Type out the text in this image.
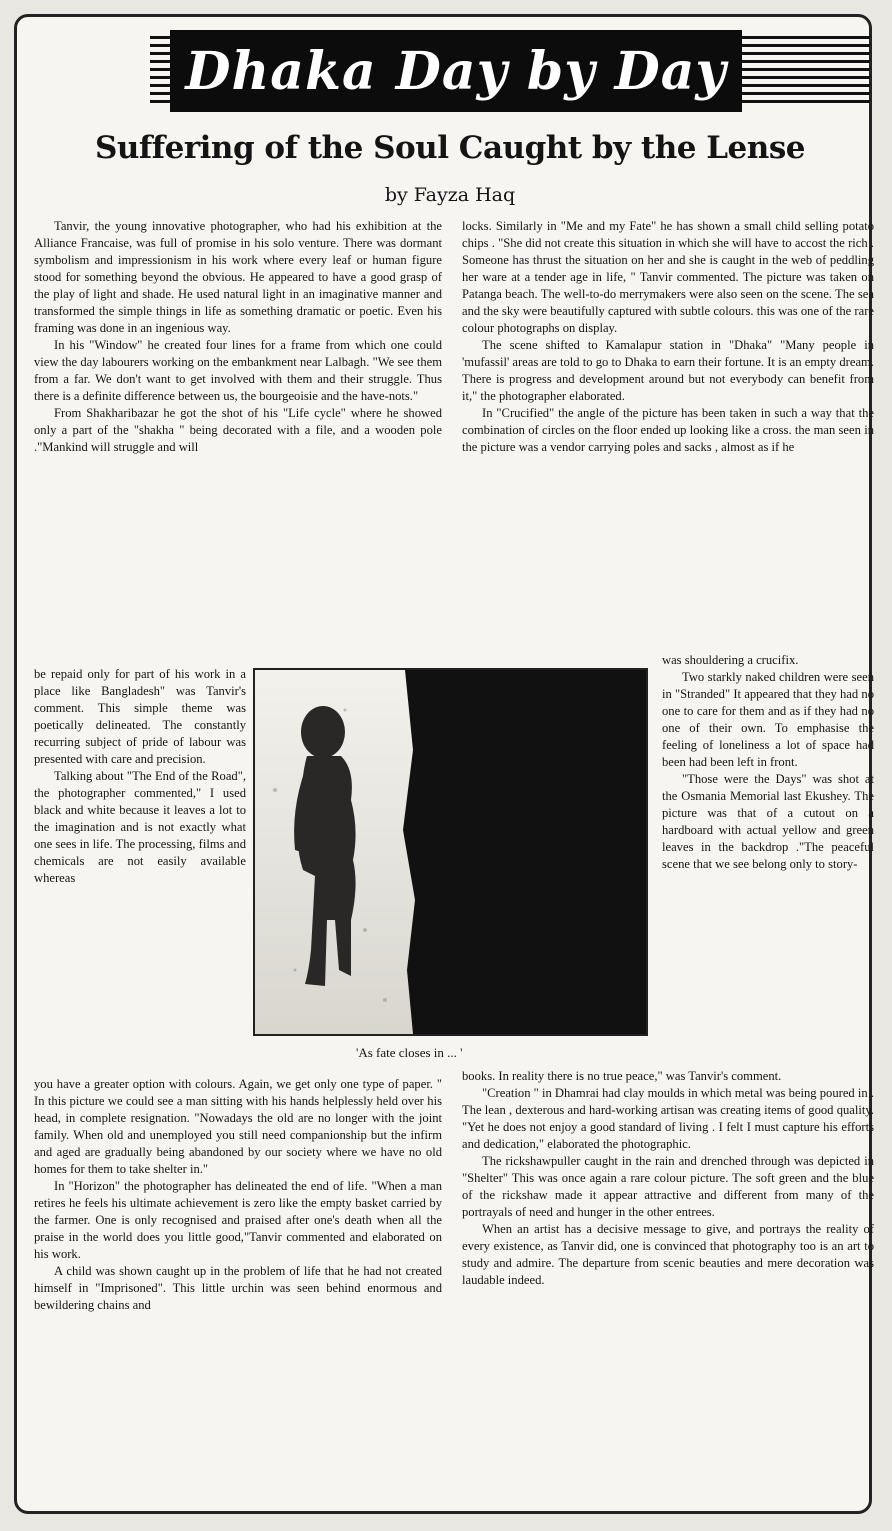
Dhaka Day by Day
Suffering of the Soul Caught by the Lense
by Fayza Haq

Tanvir, the young innovative photographer, who had his exhibition at the Alliance Francaise, was full of promise in his solo venture. There was dormant symbolism and impressionism in his work where every leaf or human figure stood for something beyond the obvious. He appeared to have a good grasp of the play of light and shade. He used natural light in an imaginative manner and transformed the simple things in life as something dramatic or poetic. Even his framing was done in an ingenious way.

In his "Window" he created four lines for a frame from which one could view the day labourers working on the embankment near Lalbagh. "We see them from a far. We don't want to get involved with them and their struggle. Thus there is a definite difference between us, the bourgeoisie and the have-nots."

From Shakharibazar he got the shot of his "Life cycle" where he showed only a part of the "shakha " being decorated with a file, and a wooden pole ."Mankind will struggle and will

be repaid only for part of his work in a place like Bangladesh" was Tanvir's comment. This simple theme was poetically delineated. The constantly recurring subject of pride of labour was presented with care and precision.

Talking about "The End of the Road", the photographer commented," I used black and white because it leaves a lot to the imagination and is not exactly what one sees in life. The processing, films and chemicals are not easily available whereas

you have a greater option with colours. Again, we get only one type of paper. " In this picture we could see a man sitting with his hands helplessly held over his head, in complete resignation. "Nowadays the old are no longer with the joint family. When old and unemployed you still need companionship but the infirm and aged are gradually being abandoned by our society where we have no old homes for them to take shelter in."

In "Horizon" the photographer has delineated the end of life. "When a man retires he feels his ultimate achievement is zero like the empty basket carried by the farmer. One is only recognised and praised after one's death when all the praise in the world does you little good,"Tanvir commented and elaborated on his work.

A child was shown caught up in the problem of life that he had not created himself in "Imprisoned". This little urchin was seen behind enormous and bewildering chains and

locks. Similarly in "Me and my Fate" he has shown a small child selling potato chips . "She did not create this situation in which she will have to accost the rich . Someone has thrust the situation on her and she is caught in the web of peddling her ware at a tender age in life, " Tanvir commented. The picture was taken on Patanga beach. The well-to-do merrymakers were also seen on the scene. The sea and the sky were beautifully captured with subtle colours. this was one of the rare colour photographs on display.

The scene shifted to Kamalapur station in "Dhaka" "Many people in 'mufassil' areas are told to go to Dhaka to earn their fortune. It is an empty dream. There is progress and development around but not everybody can benefit from it," the photographer elaborated.

In "Crucified" the angle of the picture has been taken in such a way that the combination of circles on the floor ended up looking like a cross. the man seen in the picture was a vendor carrying poles and sacks , almost as if he

was shouldering a crucifix.

Two starkly naked children were seen in "Stranded" It appeared that they had no one to care for them and as if they had no one of their own. To emphasise the feeling of loneliness a lot of space had been had been left in front.

"Those were the Days" was shot at the Osmania Memorial last Ekushey. The picture was that of a cutout on a hardboard with actual yellow and green leaves in the backdrop ."The peaceful scene that we see belong only to story-

books. In reality there is no true peace," was Tanvir's comment.

"Creation " in Dhamrai had clay moulds in which metal was being poured in . The lean , dexterous and hard-working artisan was creating items of good quality. "Yet he does not enjoy a good standard of living . I felt I must capture his efforts and dedication," elaborated the photographic.

The rickshawpuller caught in the rain and drenched through was depicted in "Shelter" This was once again a rare colour picture. The soft green and the blue of the rickshaw made it appear attractive and different from many of the portrayals of need and hunger in the other entrees.

When an artist has a decisive message to give, and portrays the reality of every existence, as Tanvir did, one is convinced that photography too is an art to study and admire. The departure from scenic beauties and mere decoration was laudable indeed.

'As fate closes in ... '
